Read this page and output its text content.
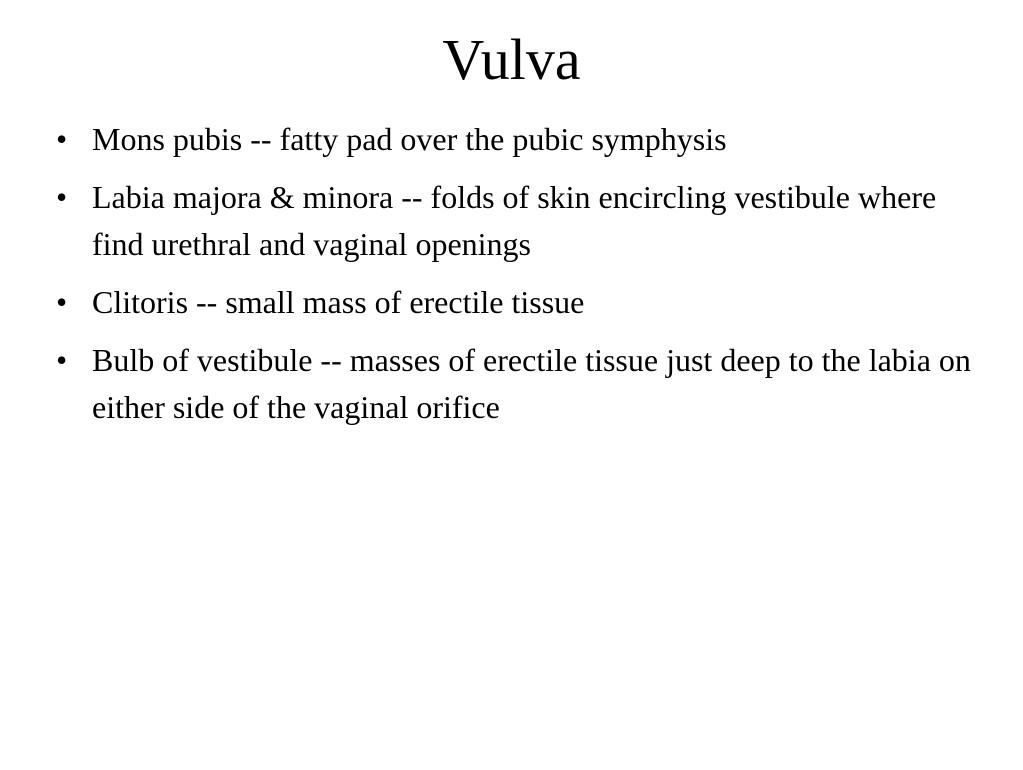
Vulva
• Mons pubis -- fatty pad over the pubic symphysis
• Labia majora & minora -- folds of skin encircling vestibule where find urethral and vaginal openings
• Clitoris -- small mass of erectile tissue
• Bulb of vestibule -- masses of erectile tissue just deep to the labia on either side of the vaginal orifice
